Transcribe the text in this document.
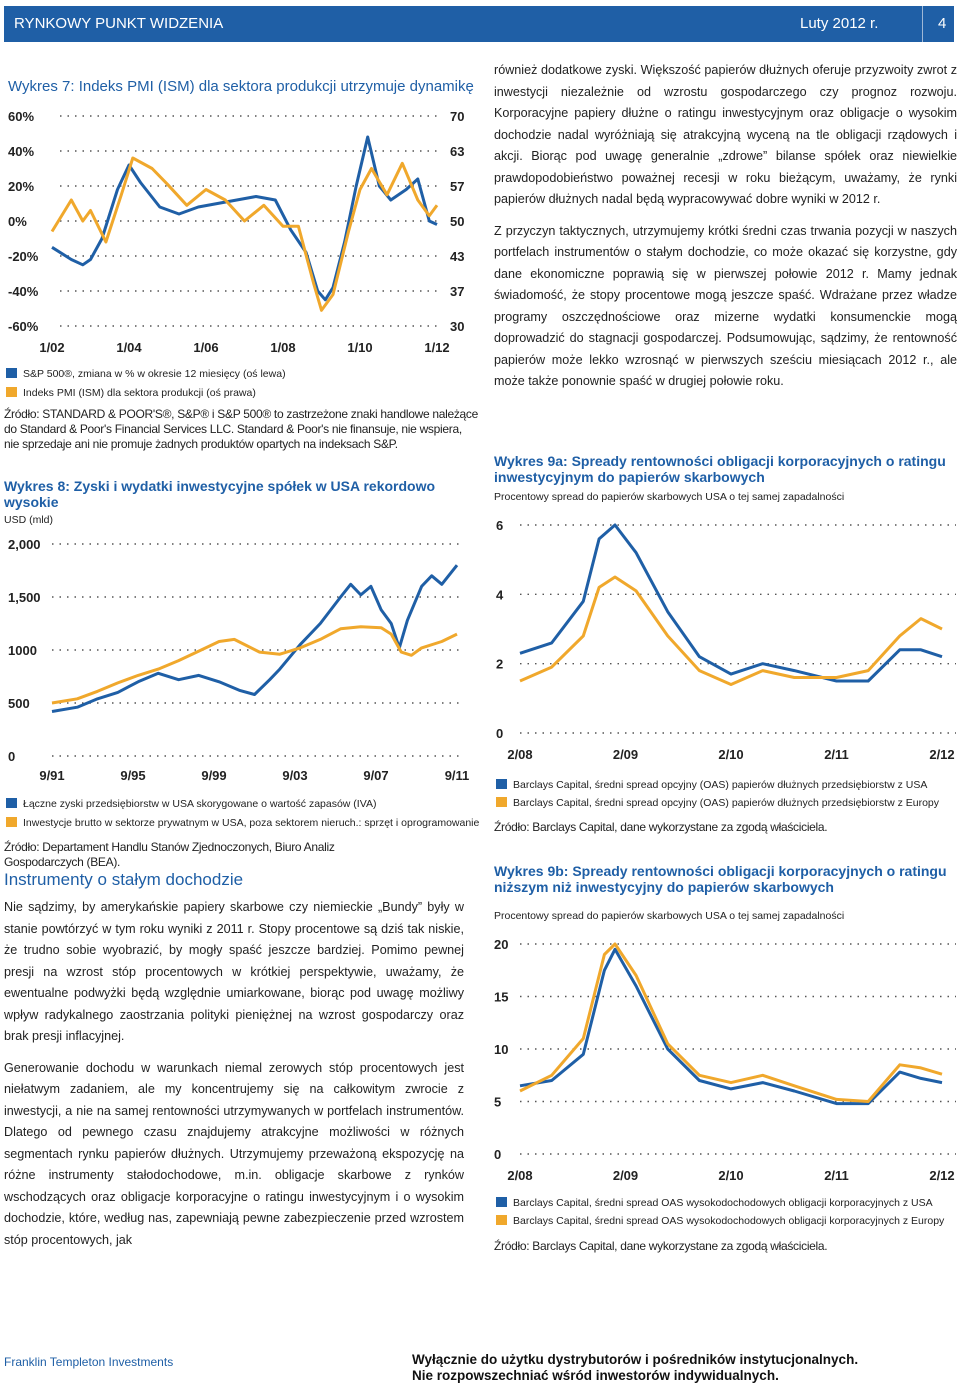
RYNKOWY PUNKT WIDZENIA	Luty 2012 r.	4
Wykres 7: Indeks PMI (ISM) dla sektora produkcji utrzymuje dynamikę
60%
40%
20%
0%
-20%
-40%
-60%
70
63
57
50
43
37
30
1/02	1/04	1/06	1/08	1/10	1/12
S&P 500®, zmiana w % w okresie 12 miesięcy (oś lewa)
Indeks PMI (ISM) dla sektora produkcji (oś prawa)
Źródło: STANDARD & POOR'S®, S&P® i S&P 500® to zastrzeżone znaki handlowe należące do Standard & Poor's Financial Services LLC. Standard & Poor's nie finansuje, nie wspiera, nie sprzedaje ani nie promuje żadnych produktów opartych na indeksach S&P.
Wykres 8: Zyski i wydatki inwestycyjne spółek w USA rekordowo wysokie
USD (mld)
2,000
1,500
1000
500
0
9/91	9/95	9/99	9/03	9/07	9/11
Łączne zyski przedsiębiorstw w USA skorygowane o wartość zapasów (IVA)
Inwestycje brutto w sektorze prywatnym w USA, poza sektorem nieruch.: sprzęt i oprogramowanie
Źródło: Departament Handlu Stanów Zjednoczonych, Biuro Analiz Gospodarczych (BEA).
Instrumenty o stałym dochodzie

Nie sądzimy, by amerykańskie papiery skarbowe czy niemieckie „Bundy” były w stanie powtórzyć w tym roku wyniki z 2011 r. Stopy procentowe są dziś tak niskie, że trudno sobie wyobrazić, by mogły spaść jeszcze bardziej. Pomimo pewnej presji na wzrost stóp procentowych w krótkiej perspektywie, uważamy, że ewentualne podwyżki będą względnie umiarkowane, biorąc pod uwagę możliwy wpływ radykalnego zaostrzania polityki pieniężnej na wzrost gospodarczy oraz brak presji inflacyjnej.

Generowanie dochodu w warunkach niemal zerowych stóp procentowych jest niełatwym zadaniem, ale my koncentrujemy się na całkowitym zwrocie z inwestycji, a nie na samej rentowności utrzymywanych w portfelach instrumentów. Dlatego od pewnego czasu znajdujemy atrakcyjne możliwości w różnych segmentach rynku papierów dłużnych. Utrzymujemy przeważoną ekspozycję na różne instrumenty stałodochodowe, m.in. obligacje skarbowe z rynków wschodzących oraz obligacje korporacyjne o ratingu inwestycyjnym i o wysokim dochodzie, które, według nas, zapewniają pewne zabezpieczenie przed wzrostem stóp procentowych, jak

również dodatkowe zyski. Większość papierów dłużnych oferuje przyzwoity zwrot z inwestycji niezależnie od wzrostu gospodarczego czy prognoz rozwoju. Korporacyjne papiery dłużne o ratingu inwestycyjnym oraz obligacje o wysokim dochodzie nadal wyróżniają się atrakcyjną wyceną na tle obligacji rządowych i akcji. Biorąc pod uwagę generalnie „zdrowe” bilanse spółek oraz niewielkie prawdopodobieństwo poważnej recesji w roku bieżącym, uważamy, że rynki papierów dłużnych nadal będą wypracowywać dobre wyniki w 2012 r.

Z przyczyn taktycznych, utrzymujemy krótki średni czas trwania pozycji w naszych portfelach instrumentów o stałym dochodzie, co może okazać się korzystne, gdy dane ekonomiczne poprawią się w pierwszej połowie 2012 r. Mamy jednak świadomość, że stopy procentowe mogą jeszcze spaść. Wdrażane przez władze programy oszczędnościowe oraz mizerne wydatki konsumenckie mogą doprowadzić do stagnacji gospodarczej. Podsumowując, sądzimy, że rentowność papierów może lekko wzrosnąć w pierwszych sześciu miesiącach 2012 r., ale może także ponownie spaść w drugiej połowie roku.

Wykres 9a: Spready rentowności obligacji korporacyjnych o ratingu inwestycyjnym do papierów skarbowych
Procentowy spread do papierów skarbowych USA o tej samej zapadalności
6
4
2
0
2/08	2/09	2/10	2/11	2/12
Barclays Capital, średni spread opcyjny (OAS) papierów dłużnych przedsiębiorstw z USA
Barclays Capital, średni spread opcyjny (OAS) papierów dłużnych przedsiębiorstw z Europy
Źródło: Barclays Capital, dane wykorzystane za zgodą właściciela.
Wykres 9b: Spready rentowności obligacji korporacyjnych o ratingu niższym niż inwestycyjny do papierów skarbowych
Procentowy spread do papierów skarbowych USA o tej samej zapadalności
20
15
10
5
0
2/08	2/09	2/10	2/11	2/12
Barclays Capital, średni spread OAS wysokodochodowych obligacji korporacyjnych z USA
Barclays Capital, średni spread OAS wysokodochodowych obligacji korporacyjnych z Europy
Źródło: Barclays Capital, dane wykorzystane za zgodą właściciela.
Franklin Templeton Investments	Wyłącznie do użytku dystrybutorów i pośredników instytucjonalnych.
Nie rozpowszechniać wśród inwestorów indywidualnych.
